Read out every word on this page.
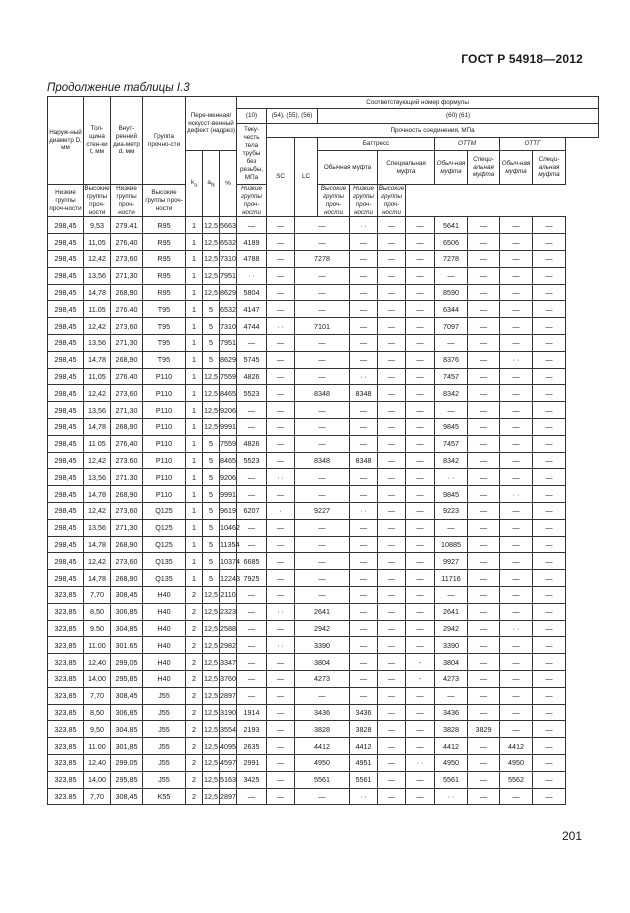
ГОСТ Р 54918—2012
Продолжение таблицы I.3
Наруж-ный диаметр D, мм	Тол-щина стен-ки t, мм	Внут-ренний диа-метр d, мм	Группа прочно-сти	Пере-менная/ искусст-венный дефект (надрез)			Соответствующий номер формулы										
							(10)	(54), (55), (56)		(60) (61)							
							Теку-честь тела трубы без резьбы, МПа	Прочность соединения, МПа									
								SC	LC	Баттресс				ОТТМ		ОТТГ	
				$k_a$	$a_N$	%				Обычная муфта		Специальная муфта		Обыч-ная муфта	Специ-альная муфта	Обыч-ная муфта	Специ-альная муфта
Низкие группы проч-ности	Высокие группы проч-ности	Низкие группы проч-ности	Высокие группы проч-ности				Низкие группы проч-ности			Высокие группы проч-ности	Низкие группы проч-ности	Высокие группы проч-ности					
298,45	9,53	279.41	R95	1	12,5	5663	—	—	—		· ·	—	—	5641	—	—	—
298,45	11,05	276,40	R95	1	12,5	6532	4189	—	—		—	—	—	6506	—	—	—
298,45	12,42	273,60	R95	1	12,5	7310	4788	—	7278		—	—	—	7278	—	—	—
298,45	13,56	271,30	R95	1	12,5	7951	· ·	—	—		—	—	—	—	—	—	—
298,45	14,78	268,90	R95	1	12,5	8629	5804	—	—		—	—	—	8590	—	—	—
298,45	11.05	276.40	T95	1	5	6532	4147	—	—		—	—	—	6344	—	—	—
298,45	12,42	273,60	T95	1	5	7310	4744	· ·	7101		—	—	—	7097	—	—	—
298,45	13,56	271,30	T95	1	5	7951	—	—	—		—	—	—	—	—	—	—
298,45	14,78	268,90	T95	1	5	8629	5745	—	—		—	—	—	8376	—	· ·	—
298,45	11,05	276.40	P110	1	12,5	7559	4826	—	—		· ·	—	—	7457	—	—	—
298,45	12,42	273,60	P110	1	12,5	8465	5523	—	8348		8348	—	—	8342	—	—	—
298,45	13,56	271,30	P110	1	12,5	9206	—	—	—		—	—	—	—	—	—	—
298,45	14,78	268,90	P110	1	12,5	9991	—	—	—		—	—	—	9845	—	—	—
298,45	11 05	276,40	P110	1	5	7559	4826	—	—		—	—	—	7457	—	—	—
298,45	12,42	273.60	P110	1	5	8465	5523	—	8348		8348	—	—	8342	—	—	—
298,45	13,56	271.30	P110	1	5	9206	—	· ·	—		—	—	—	· ·	—	—	—
298,45	14,78	268,90	P110	1	5	9991	—	—	—		—	—	—	9845	—	· ·	—
298,45	12,42	273,60	Q125	1	5	9619	6207	·	9227		· ·	—	—	9223	—	—	—
298,45	13,56	271,30	Q125	1	5	10462	—	—	—		—	—	—	—	—	—	—
298,45	14,78	268,90	Q125	1	5	11354	—	—	—		—	—	—	10885	—	—	—
298,45	12,42	273,60	Q135	1	5	10374	6685	—	—		—	—	—	9927	—	—	—
298,45	14,78	268,90	Q135	1	5	12243	7925	—	—		—	—	—	11716	—	—	—
323,85	7,70	308,45	H40	2	12,5	2110	—	—	—		—	—	—	—	—	—	—
323,85	8,50	306,85	H40	2	12,5	2323	—	· ·	2641		—	—	—	2641	—	—	—
323,85	9.50	304,85	H40	2	12,5	2588	—	—	2942		—	—	—	2942	—	· ·	—
323,85	11.00	301.65	H40	2	12,5	2982	—	· ·	3390		—	—	—	3390	—	—	—
323,85	12,40	299,05	H40	2	12,5	3347	—	—	3804		—	—	-	3804	—	—	—
323,85	14,00	295,85	H40	2	12,5	3760	—	—	4273		—	—	-	4273	—	—	—
323,85	7,70	308,45	J55	2	12,5	2897	—	—	—		—	—	—	—	—	—	—
323,85	8,50	306,85	J55	2	12,5	3190	1914	—	3436		3436	—	—	3436	—	—	—
323,85	9,50	304.85	J55	2	12,5	3554	2193	—	3828		3828	—	—	3828	3829	—	—
323,85	11.00	301,85	J55	2	12,5	4095	2635	—	4412		4412	—	—	4412	—	4412	—
323,85	12,40	299.05	J55	2	12,5	4597	2991	—	4950		4951	—	· ·	4950	—	4950	—
323,85	14,00	295,85	J55	2	12,5	5163	3425	—	5561		5561	—	—	5561	—	5562	—
323.85	7,70	308,45	K55	2	12,5	2897	—	—	—		· ·	—	—	· ·	—	—	—
201
